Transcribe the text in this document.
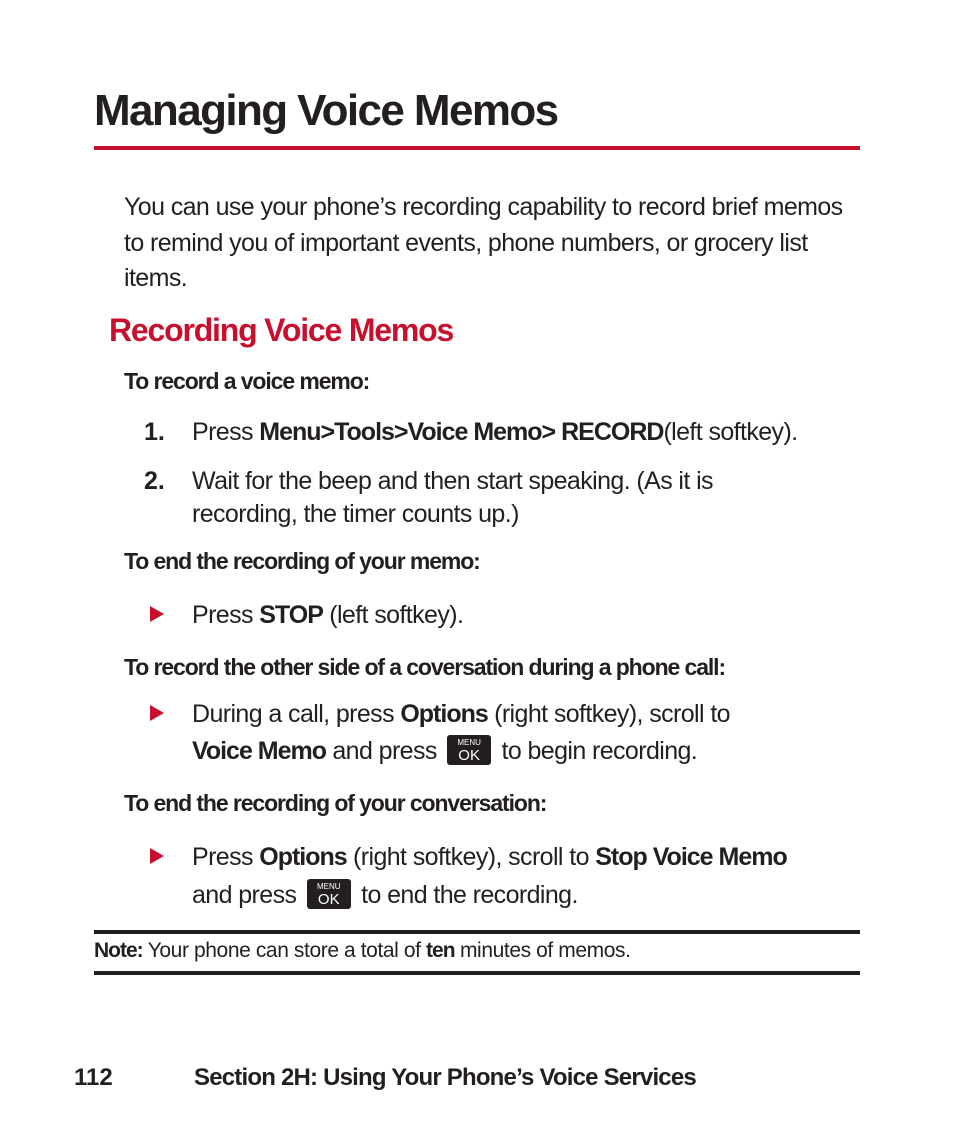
Managing Voice Memos
You can use your phone’s recording capability to record brief memos to remind you of important events, phone numbers, or grocery list items.
Recording Voice Memos
To record a voice memo:
1. Press Menu>Tools>Voice Memo> RECORD(left softkey).
2. Wait for the beep and then start speaking. (As it is
recording, the timer counts up.)
To end the recording of your memo:
Press STOP (left softkey).
To record the other side of a coversation during a phone call:
During a call, press Options (right softkey), scroll to
Voice Memo and press	MENU
OK to begin recording.
To end the recording of your conversation:
Press Options (right softkey), scroll to Stop Voice Memo
and press	MENU
OK to end the recording.
Note: Your phone can store a total of ten minutes of memos.
112	Section 2H: Using Your Phone’s Voice Services
